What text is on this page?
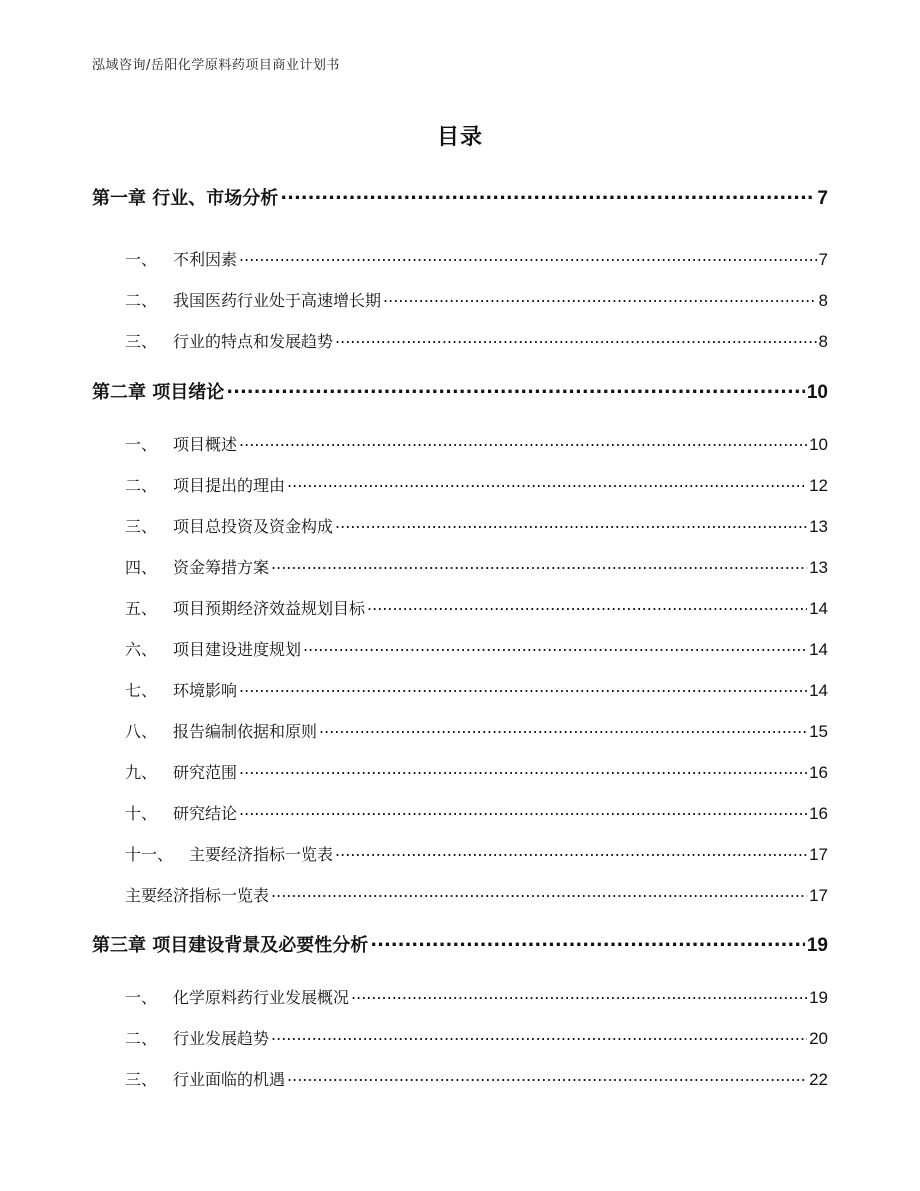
泓域咨询/岳阳化学原料药项目商业计划书
目录
第一章 行业、市场分析 .....	7
一、 不利因素 .....	7
二、 我国医药行业处于高速增长期 .....	8
三、 行业的特点和发展趋势 .....	8
第二章 项目绪论 .....	10
一、 项目概述 .....	10
二、 项目提出的理由 .....	12
三、 项目总投资及资金构成 .....	13
四、 资金筹措方案 .....	13
五、 项目预期经济效益规划目标 .....	14
六、 项目建设进度规划 .....	14
七、 环境影响 .....	14
八、 报告编制依据和原则 .....	15
九、 研究范围 .....	16
十、 研究结论 .....	16
十一、 主要经济指标一览表 .....	17
主要经济指标一览表 .....	17
第三章 项目建设背景及必要性分析 .....	19
一、 化学原料药行业发展概况 .....	19
二、 行业发展趋势 .....	20
三、 行业面临的机遇 .....	22
